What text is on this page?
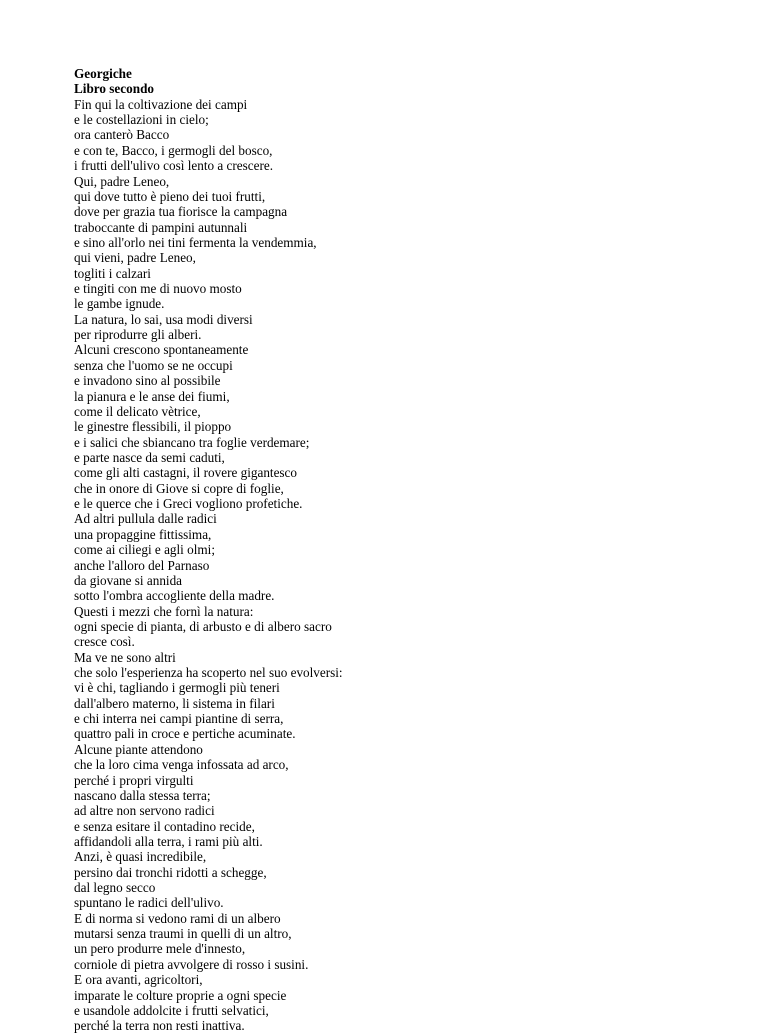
Georgiche
Libro secondo
Fin qui la coltivazione dei campi
e le costellazioni in cielo;
ora canterò Bacco
e con te, Bacco, i germogli del bosco,
i frutti dell'ulivo così lento a crescere.
Qui, padre Leneo,
qui dove tutto è pieno dei tuoi frutti,
dove per grazia tua fiorisce la campagna
traboccante di pampini autunnali
e sino all'orlo nei tini fermenta la vendemmia,
qui vieni, padre Leneo,
togliti i calzari
e tingiti con me di nuovo mosto
le gambe ignude.
La natura, lo sai, usa modi diversi
per riprodurre gli alberi.
Alcuni crescono spontaneamente
senza che l'uomo se ne occupi
e invadono sino al possibile
la pianura e le anse dei fiumi,
come il delicato vètrice,
le ginestre flessibili, il pioppo
e i salici che sbiancano tra foglie verdemare;
e parte nasce da semi caduti,
come gli alti castagni, il rovere gigantesco
che in onore di Giove si copre di foglie,
e le querce che i Greci vogliono profetiche.
Ad altri pullula dalle radici
una propaggine fittissima,
come ai ciliegi e agli olmi;
anche l'alloro del Parnaso
da giovane si annida
sotto l'ombra accogliente della madre.
Questi i mezzi che fornì la natura:
ogni specie di pianta, di arbusto e di albero sacro
cresce così.
Ma ve ne sono altri
che solo l'esperienza ha scoperto nel suo evolversi:
vi è chi, tagliando i germogli più teneri
dall'albero materno, li sistema in filari
e chi interra nei campi piantine di serra,
quattro pali in croce e pertiche acuminate.
Alcune piante attendono
che la loro cima venga infossata ad arco,
perché i propri virgulti
nascano dalla stessa terra;
ad altre non servono radici
e senza esitare il contadino recide,
affidandoli alla terra, i rami più alti.
Anzi, è quasi incredibile,
persino dai tronchi ridotti a schegge,
dal legno secco
spuntano le radici dell'ulivo.
E di norma si vedono rami di un albero
mutarsi senza traumi in quelli di un altro,
un pero produrre mele d'innesto,
corniole di pietra avvolgere di rosso i susini.
E ora avanti, agricoltori,
imparate le colture proprie a ogni specie
e usandole addolcite i frutti selvatici,
perché la terra non resti inattiva.
